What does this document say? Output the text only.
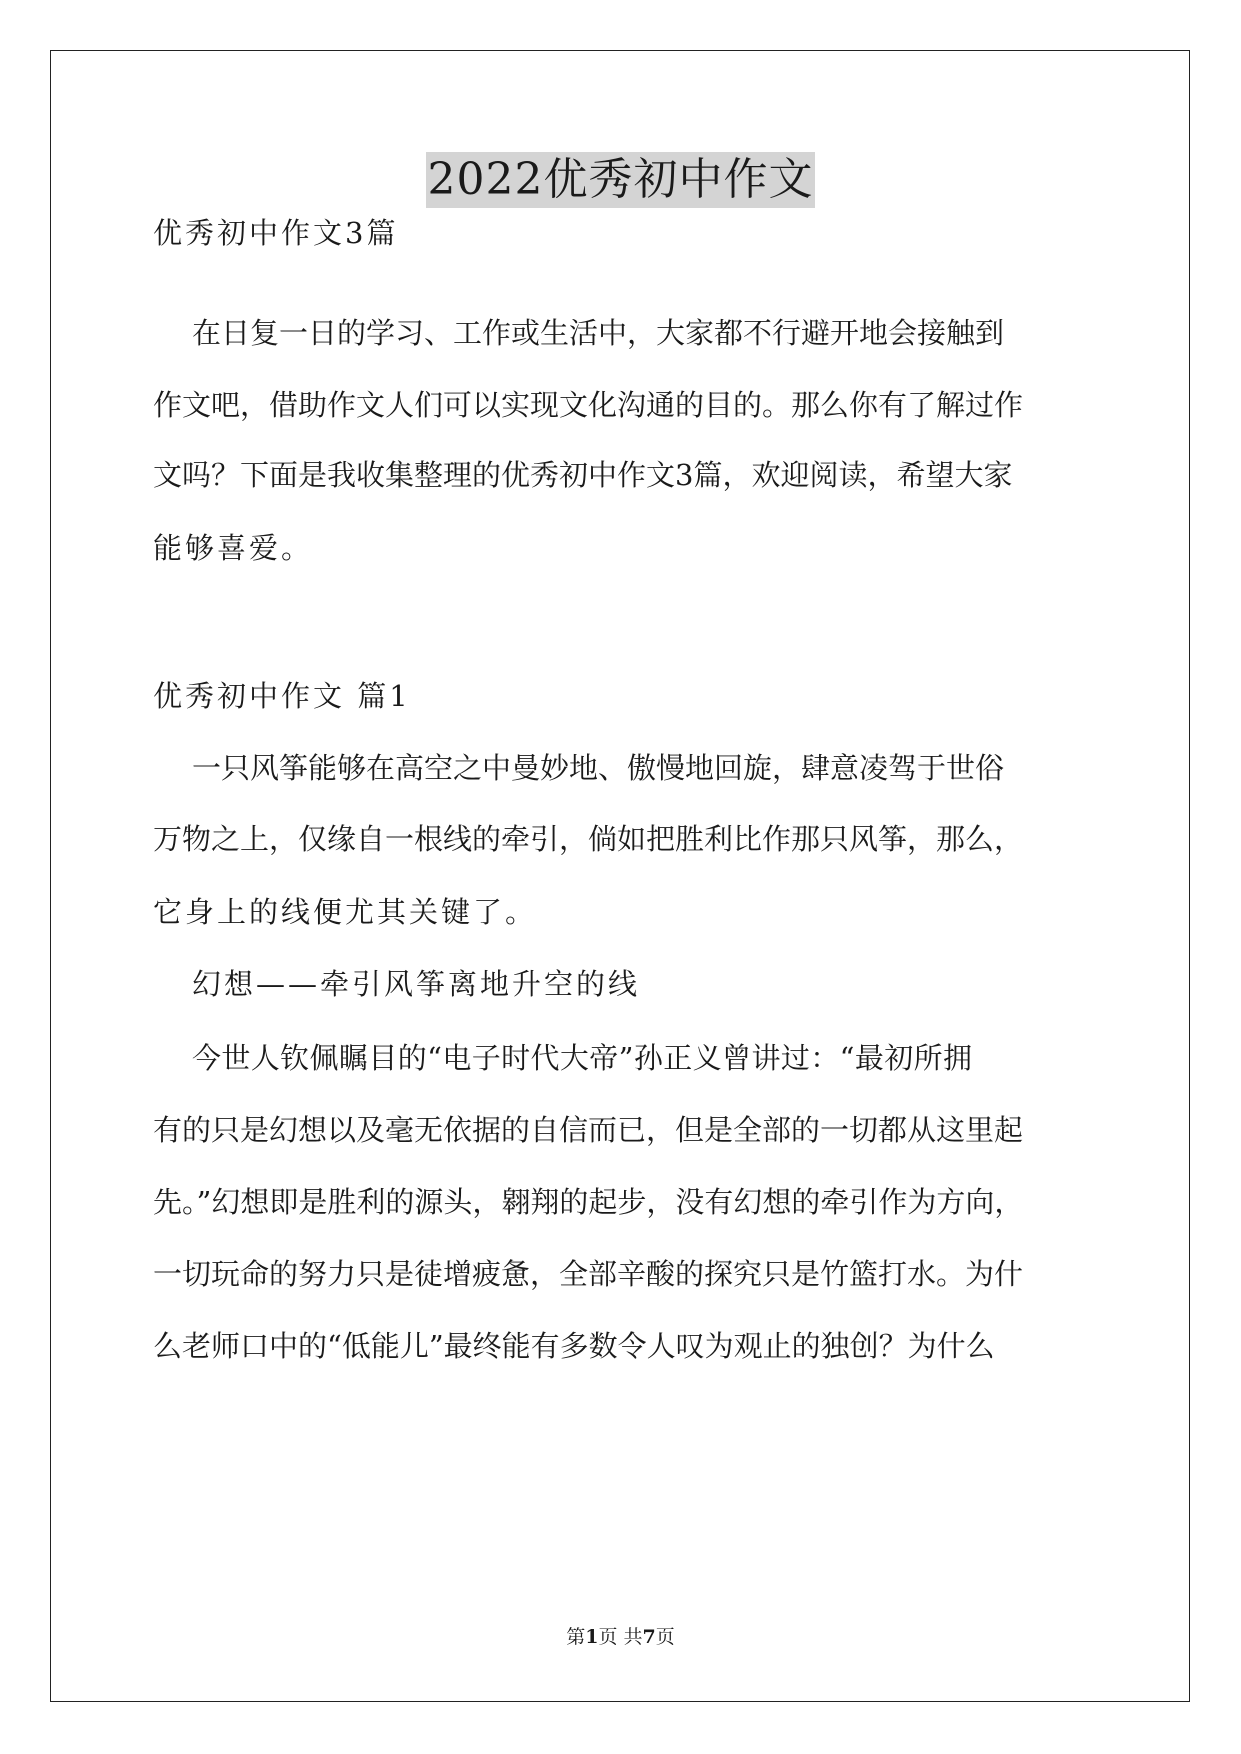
2022优秀初中作文
优秀初中作文3篇
在日复一日的学习、工作或生活中，大家都不行避开地会接触到
作文吧，借助作文人们可以实现文化沟通的目的。那么你有了解过作
文吗？下面是我收集整理的优秀初中作文3篇，欢迎阅读，希望大家
能够喜爱。
优秀初中作文 篇1
一只风筝能够在高空之中曼妙地、傲慢地回旋，肆意凌驾于世俗
万物之上，仅缘自一根线的牵引，倘如把胜利比作那只风筝，那么，
它身上的线便尤其关键了。
幻想——牵引风筝离地升空的线
今世人钦佩瞩目的“电子时代大帝”孙正义曾讲过：“最初所拥
有的只是幻想以及毫无依据的自信而已，但是全部的一切都从这里起
先。”幻想即是胜利的源头，翱翔的起步，没有幻想的牵引作为方向，
一切玩命的努力只是徒增疲惫，全部辛酸的探究只是竹篮打水。为什
么老师口中的“低能儿”最终能有多数令人叹为观止的独创？为什么
第1页 共7页
